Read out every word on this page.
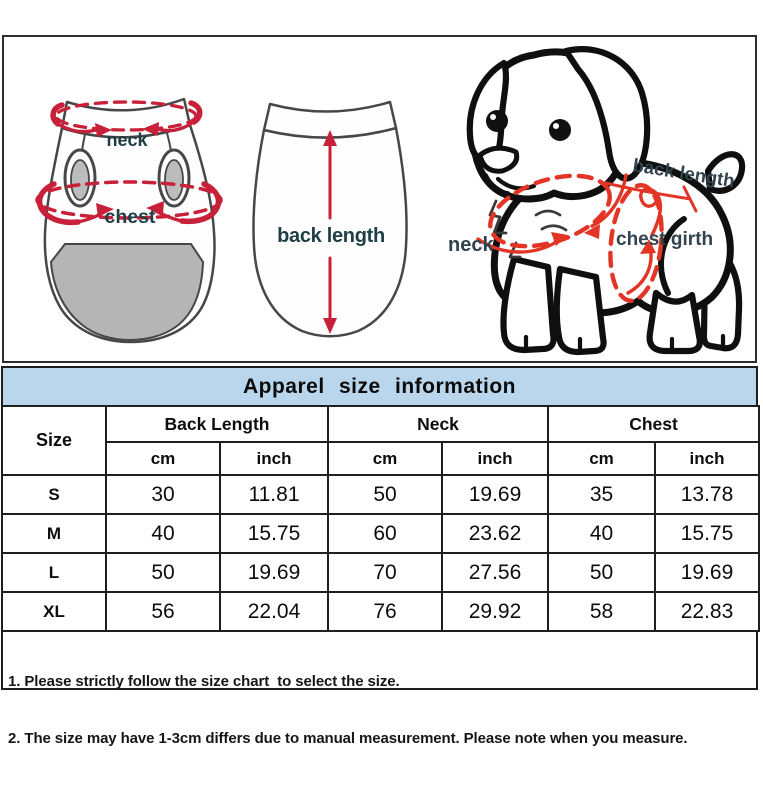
neck
chest
back length	neck	chest girth
back length
Apparel size information
Size	Back Length		Neck		Chest	
	cm	inch	cm	inch	cm	inch
S	30	11.81	50	19.69	35	13.78
M	40	15.75	60	23.62	40	15.75
L	50	19.69	70	27.56	50	19.69
XL	56	22.04	76	29.92	58	22.83

1. Please strictly follow the size chart  to select the size.

2. The size may have 1-3cm differs due to manual measurement. Please note when you measure.
